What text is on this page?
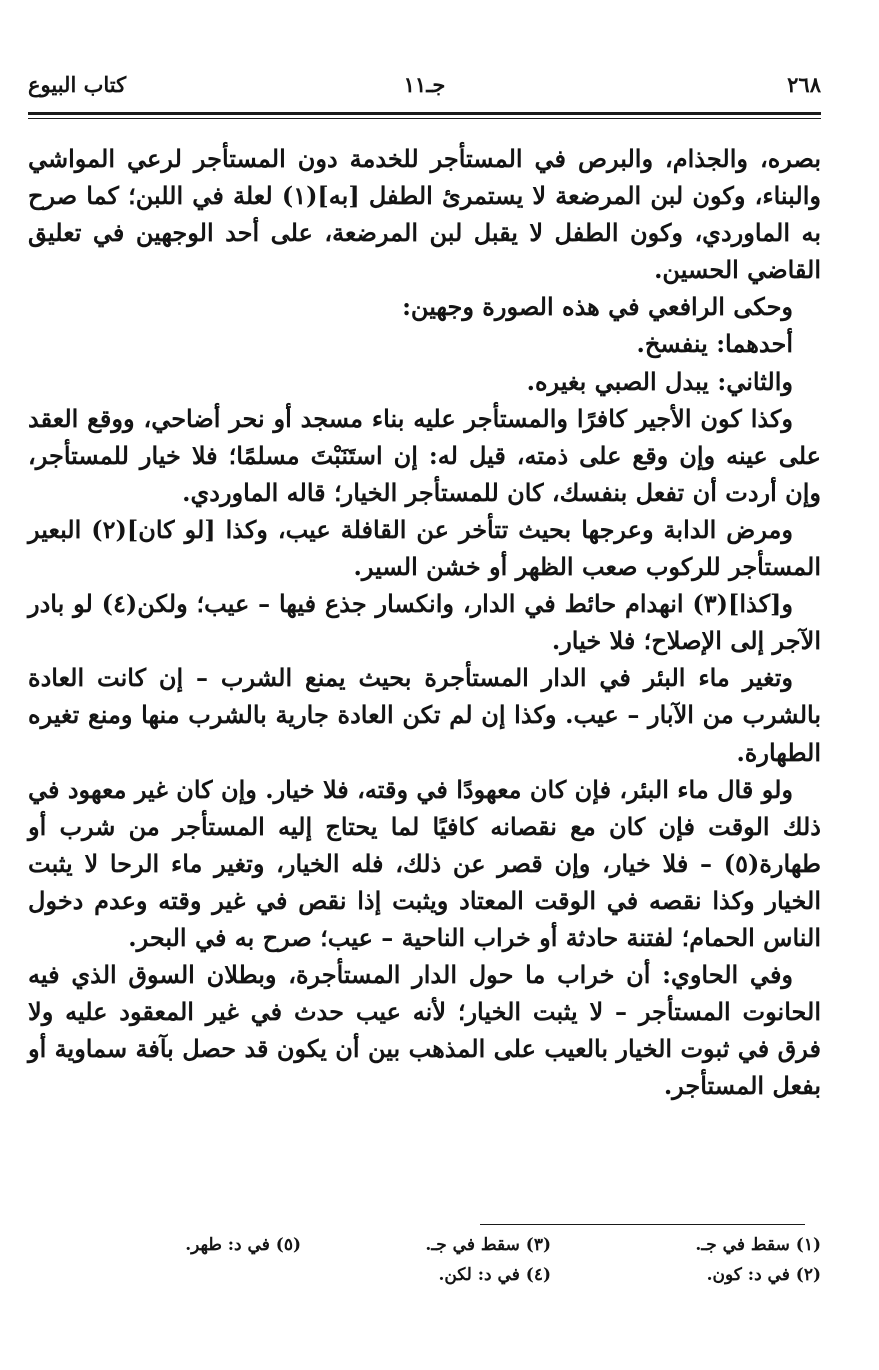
٢٦٨
جـ١١
كتاب البيوع

بصره، والجذام، والبرص في المستأجر للخدمة دون المستأجر لرعي المواشي والبناء، وكون لبن المرضعة لا يستمرئ الطفل [به](١) لعلة في اللبن؛ كما صرح به الماوردي، وكون الطفل لا يقبل لبن المرضعة، على أحد الوجهين في تعليق القاضي الحسين.

وحكى الرافعي في هذه الصورة وجهين:

أحدهما: ينفسخ.

والثاني: يبدل الصبي بغيره.

وكذا كون الأجير كافرًا والمستأجر عليه بناء مسجد أو نحر أضاحي، ووقع العقد على عينه وإن وقع على ذمته، قيل له: إن استَنَبْتَ مسلمًا؛ فلا خيار للمستأجر، وإن أردت أن تفعل بنفسك، كان للمستأجر الخيار؛ قاله الماوردي.

ومرض الدابة وعرجها بحيث تتأخر عن القافلة عيب، وكذا [لو كان](٢) البعير المستأجر للركوب صعب الظهر أو خشن السير.

و[كذا](٣) انهدام حائط في الدار، وانكسار جذع فيها – عيب؛ ولكن(٤) لو بادر الآجر إلى الإصلاح؛ فلا خيار.

وتغير ماء البئر في الدار المستأجرة بحيث يمنع الشرب – إن كانت العادة بالشرب من الآبار – عيب. وكذا إن لم تكن العادة جارية بالشرب منها ومنع تغيره الطهارة.

ولو قال ماء البئر، فإن كان معهودًا في وقته، فلا خيار. وإن كان غير معهود في ذلك الوقت فإن كان مع نقصانه كافيًا لما يحتاج إليه المستأجر من شرب أو طهارة(٥) – فلا خيار، وإن قصر عن ذلك، فله الخيار، وتغير ماء الرحا لا يثبت الخيار وكذا نقصه في الوقت المعتاد ويثبت إذا نقص في غير وقته وعدم دخول الناس الحمام؛ لفتنة حادثة أو خراب الناحية – عيب؛ صرح به في البحر.

وفي الحاوي: أن خراب ما حول الدار المستأجرة، وبطلان السوق الذي فيه الحانوت المستأجر – لا يثبت الخيار؛ لأنه عيب حدث في غير المعقود عليه ولا فرق في ثبوت الخيار بالعيب على المذهب بين أن يكون قد حصل بآفة سماوية أو بفعل المستأجر.

(١) سقط في جـ.
(٢) في د: كون.
(٣) سقط في جـ.
(٤) في د: لكن.
(٥) في د: طهر.
